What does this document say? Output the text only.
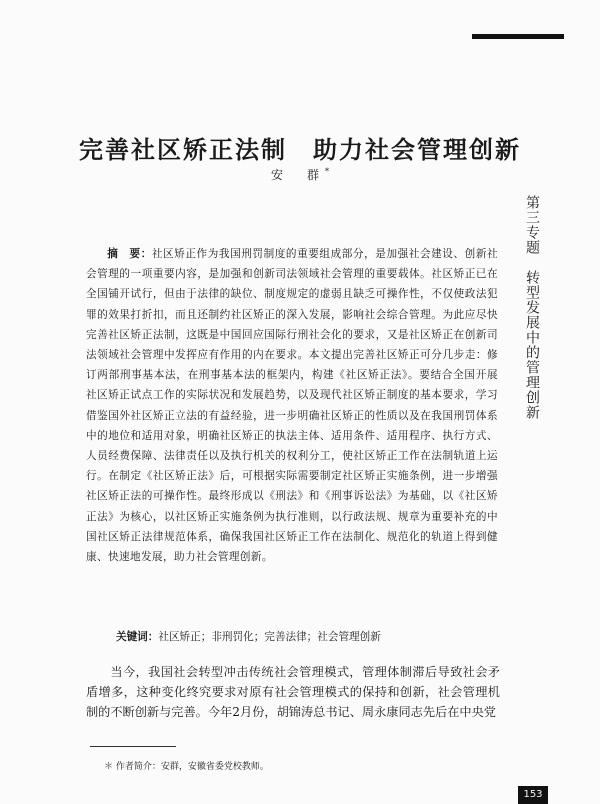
完善社区矫正法制　助力社会管理创新
安　群*
第三专题　转型发展中的管理创新
摘　要：社区矫正作为我国刑罚制度的重要组成部分，是加强社会建设、创新社会管理的一项重要内容，是加强和创新司法领域社会管理的重要载体。社区矫正已在全国铺开试行，但由于法律的缺位、制度规定的虚弱且缺乏可操作性，不仅使政法犯罪的效果打折扣，而且还制约社区矫正的深入发展，影响社会综合管理。为此应尽快完善社区矫正法制，这既是中国回应国际行刑社会化的要求，又是社区矫正在创新司法领域社会管理中发挥应有作用的内在要求。本文提出完善社区矫正可分几步走：修订两部刑事基本法，在刑事基本法的框架内，构建《社区矫正法》。要结合全国开展社区矫正试点工作的实际状况和发展趋势，以及现代社区矫正制度的基本要求，学习借鉴国外社区矫正立法的有益经验，进一步明确社区矫正的性质以及在我国刑罚体系中的地位和适用对象，明确社区矫正的执法主体、适用条件、适用程序、执行方式、人员经费保障、法律责任以及执行机关的权利分工，使社区矫正工作在法制轨道上运行。在制定《社区矫正法》后，可根据实际需要制定社区矫正实施条例，进一步增强社区矫正法的可操作性。最终形成以《刑法》和《刑事诉讼法》为基础，以《社区矫正法》为核心，以社区矫正实施条例为执行准则，以行政法规、规章为重要补充的中国社区矫正法律规范体系，确保我国社区矫正工作在法制化、规范化的轨道上得到健康、快速地发展，助力社会管理创新。
关键词：社区矫正；非刑罚化；完善法律；社会管理创新
当今，我国社会转型冲击传统社会管理模式，管理体制滞后导致社会矛盾增多，这种变化终究要求对原有社会管理模式的保持和创新，社会管理机制的不断创新与完善。今年2月份，胡锦涛总书记、周永康同志先后在中央党
＊ 作者简介：安群，安徽省委党校教师。
153
